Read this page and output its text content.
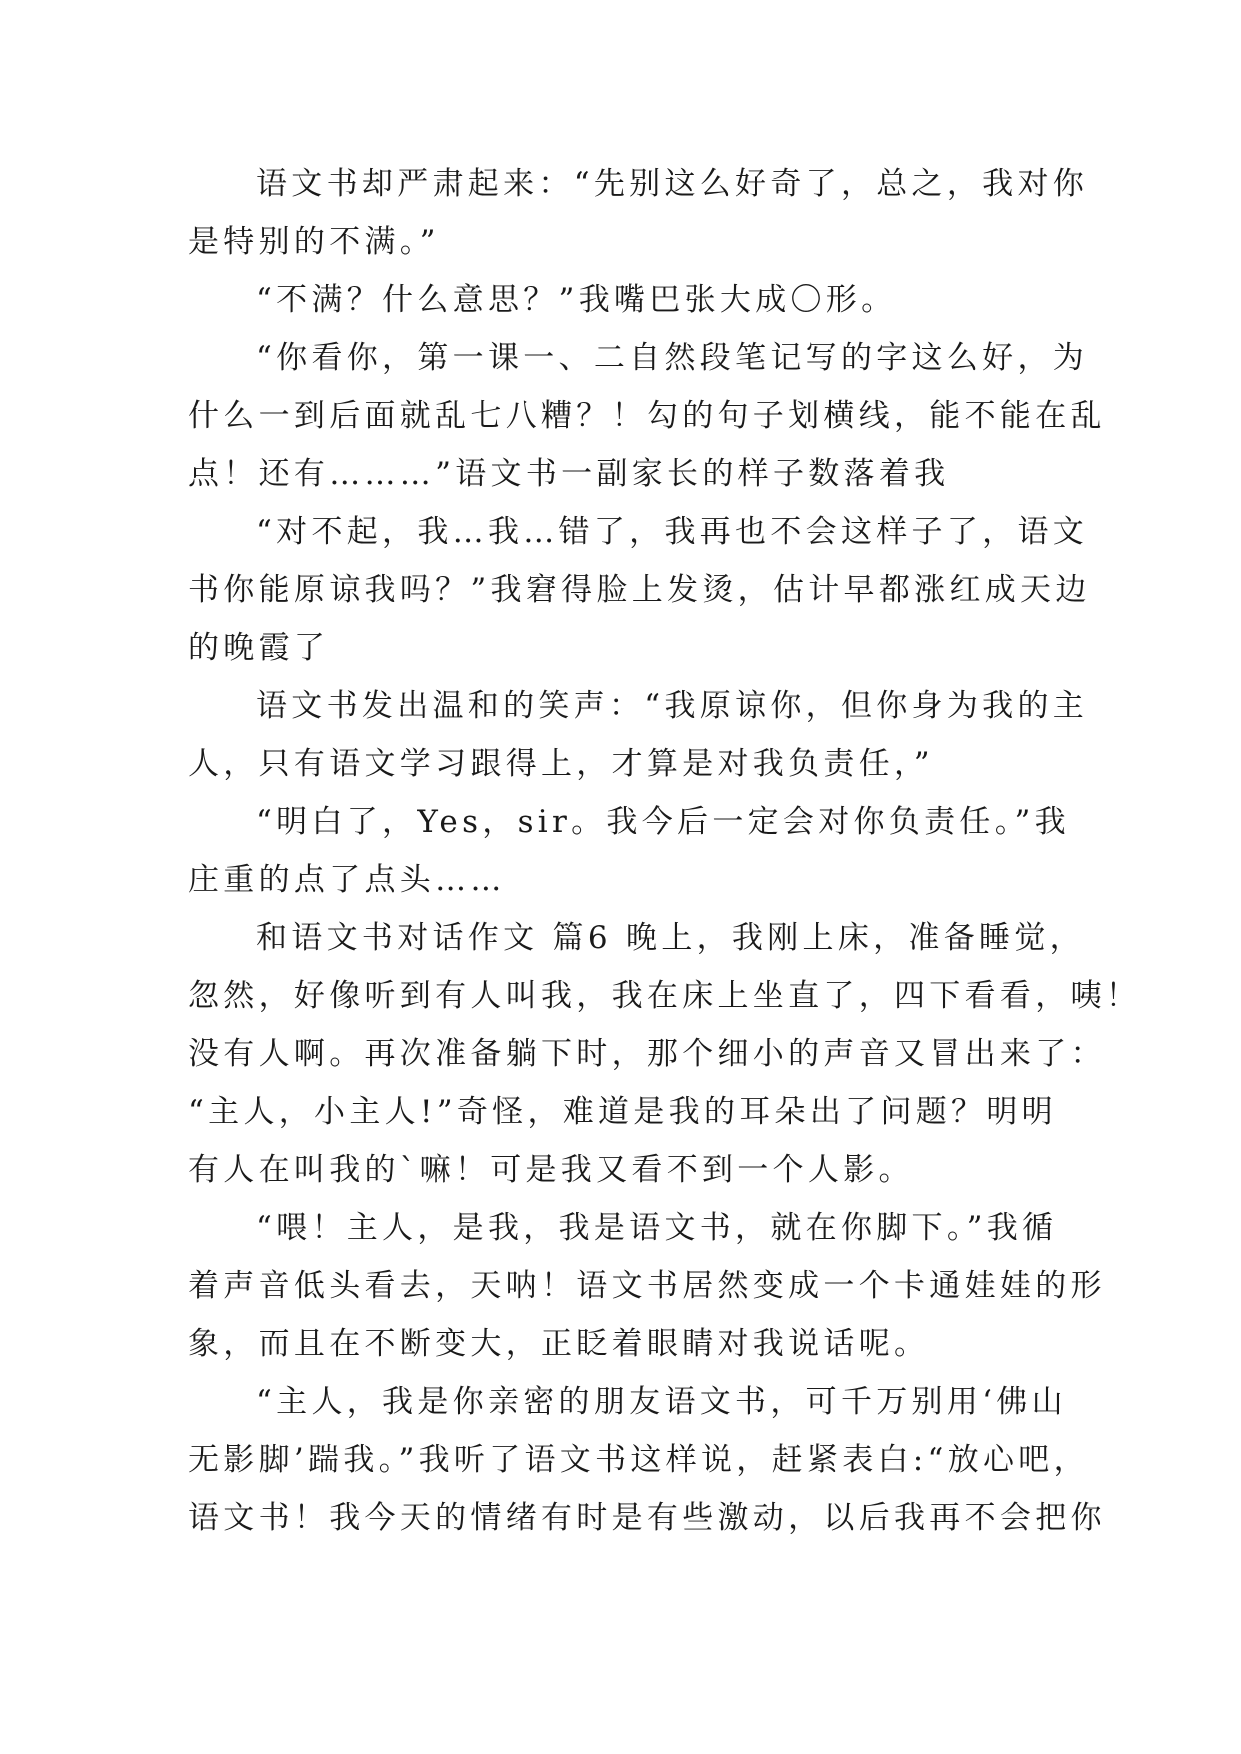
语文书却严肃起来：“先别这么好奇了，总之，我对你
是特别的不满。”
“不满？什么意思？”我嘴巴张大成〇形。
“你看你，第一课一、二自然段笔记写的字这么好，为
什么一到后面就乱七八糟？！勾的句子划横线，能不能在乱
点！还有………”语文书一副家长的样子数落着我
“对不起，我…我…错了，我再也不会这样子了，语文
书你能原谅我吗？”我窘得脸上发烫，估计早都涨红成天边
的晚霞了
语文书发出温和的笑声：“我原谅你，但你身为我的主
人，只有语文学习跟得上，才算是对我负责任，”
“明白了，Yes，sir。我今后一定会对你负责任。”我
庄重的点了点头……
和语文书对话作文 篇6 晚上，我刚上床，准备睡觉，
忽然，好像听到有人叫我，我在床上坐直了，四下看看，咦！
没有人啊。再次准备躺下时，那个细小的声音又冒出来了：
“主人，小主人!”奇怪，难道是我的耳朵出了问题？明明
有人在叫我的`嘛！可是我又看不到一个人影。
“喂！主人，是我，我是语文书，就在你脚下。”我循
着声音低头看去，天呐！语文书居然变成一个卡通娃娃的形
象，而且在不断变大，正眨着眼睛对我说话呢。
“主人，我是你亲密的朋友语文书，可千万别用‘佛山
无影脚’踹我。”我听了语文书这样说，赶紧表白:“放心吧，
语文书！我今天的情绪有时是有些激动，以后我再不会把你
